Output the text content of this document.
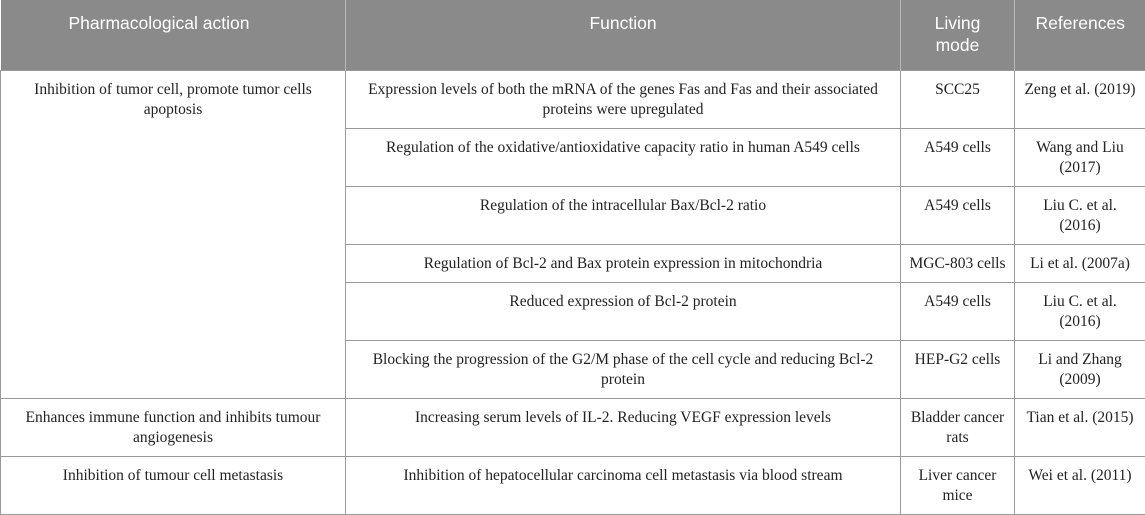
Pharmacological action	Function	Living mode	References
Inhibition of tumor cell, promote tumor cells apoptosis	Expression levels of both the mRNA of the genes Fas and Fas and their associated proteins were upregulated	SCC25	Zeng et al. (2019)
	Regulation of the oxidative/antioxidative capacity ratio in human A549 cells	A549 cells	Wang and Liu (2017)
	Regulation of the intracellular Bax/Bcl-2 ratio	A549 cells	Liu C. et al. (2016)
	Regulation of Bcl-2 and Bax protein expression in mitochondria	MGC-803 cells	Li et al. (2007a)
	Reduced expression of Bcl-2 protein	A549 cells	Liu C. et al. (2016)
	Blocking the progression of the G2/M phase of the cell cycle and reducing Bcl-2 protein	HEP-G2 cells	Li and Zhang (2009)
Enhances immune function and inhibits tumour angiogenesis	Increasing serum levels of IL-2. Reducing VEGF expression levels	Bladder cancer rats	Tian et al. (2015)
Inhibition of tumour cell metastasis	Inhibition of hepatocellular carcinoma cell metastasis via blood stream	Liver cancer mice	Wei et al. (2011)
